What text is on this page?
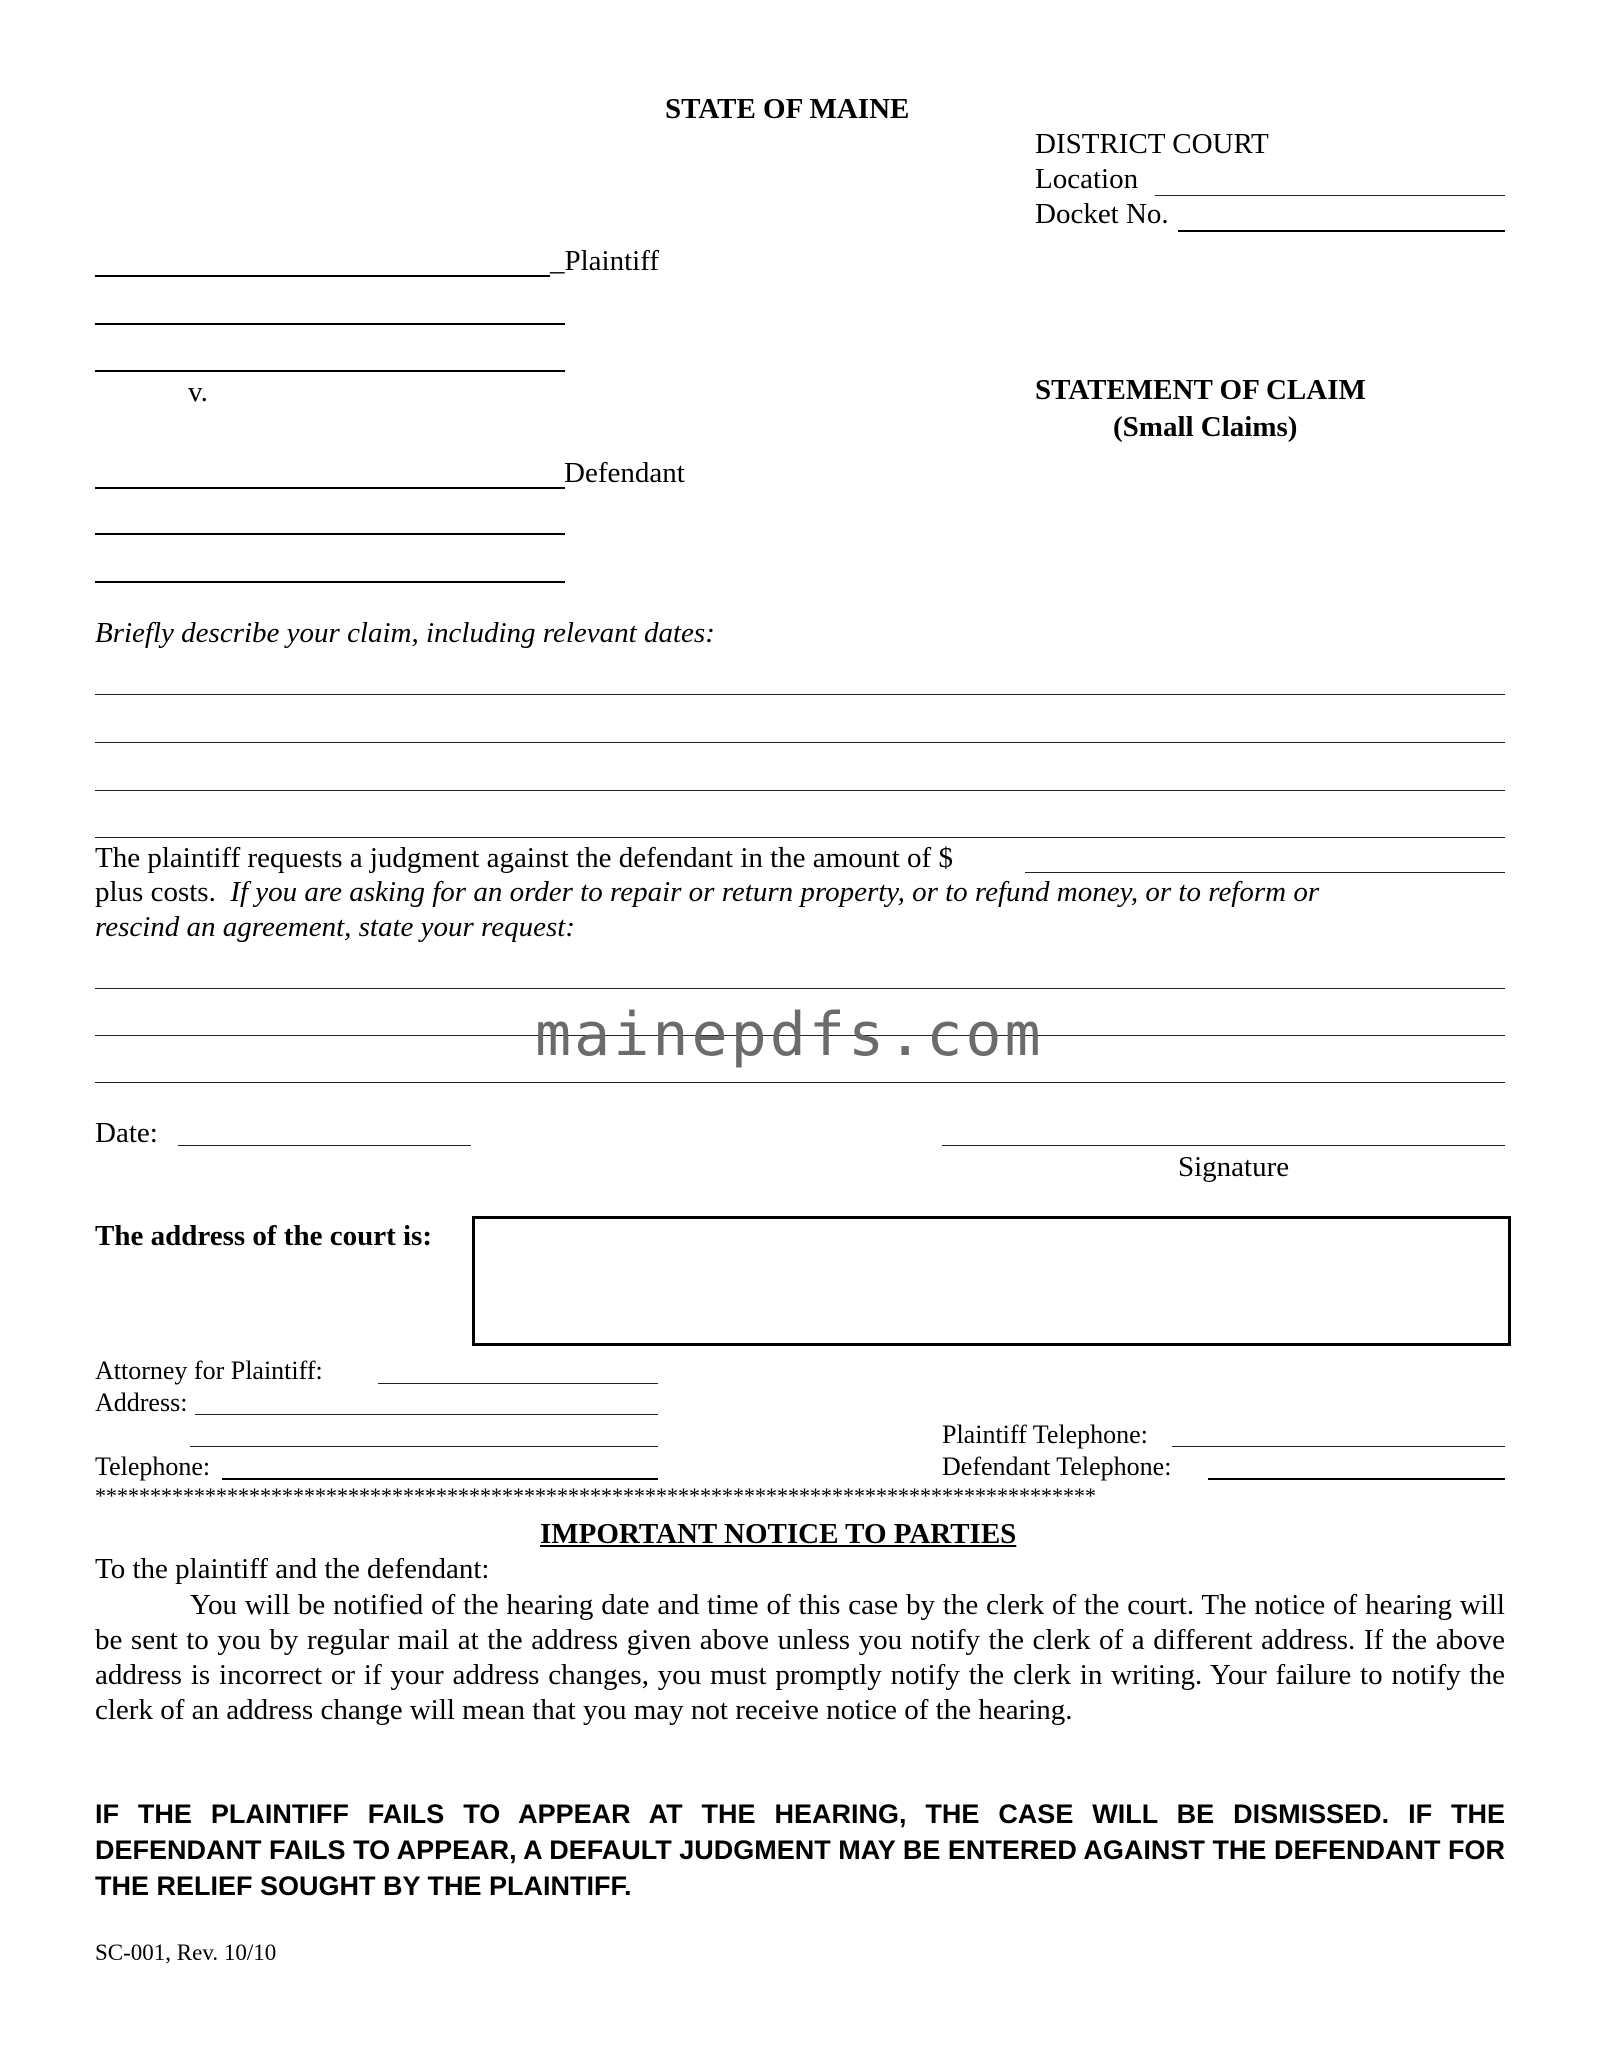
STATE OF MAINE
DISTRICT COURT
Location
Docket No.
_Plaintiff
v.	STATEMENT OF CLAIM
(Small Claims)
Defendant
Briefly describe your claim, including relevant dates:
The plaintiff requests a judgment against the defendant in the amount of $
plus costs. If you are asking for an order to repair or return property, or to refund money, or to reform or
rescind an agreement, state your request:
mainepdfs.com
Date:
Signature
The address of the court is:
Attorney for Plaintiff:
Address:
Plaintiff Telephone:
Telephone:	Defendant Telephone:
*******************************************************************************************
IMPORTANT NOTICE TO PARTIES
To the plaintiff and the defendant:
You will be notified of the hearing date and time of this case by the clerk of the court. The notice of hearing will be sent to you by regular mail at the address given above unless you notify the clerk of a different address. If the above address is incorrect or if your address changes, you must promptly notify the clerk in writing. Your failure to notify the clerk of an address change will mean that you may not receive notice of the hearing.
IF THE PLAINTIFF FAILS TO APPEAR AT THE HEARING, THE CASE WILL BE DISMISSED. IF THE DEFENDANT FAILS TO APPEAR, A DEFAULT JUDGMENT MAY BE ENTERED AGAINST THE DEFENDANT FOR THE RELIEF SOUGHT BY THE PLAINTIFF.
SC-001, Rev. 10/10
